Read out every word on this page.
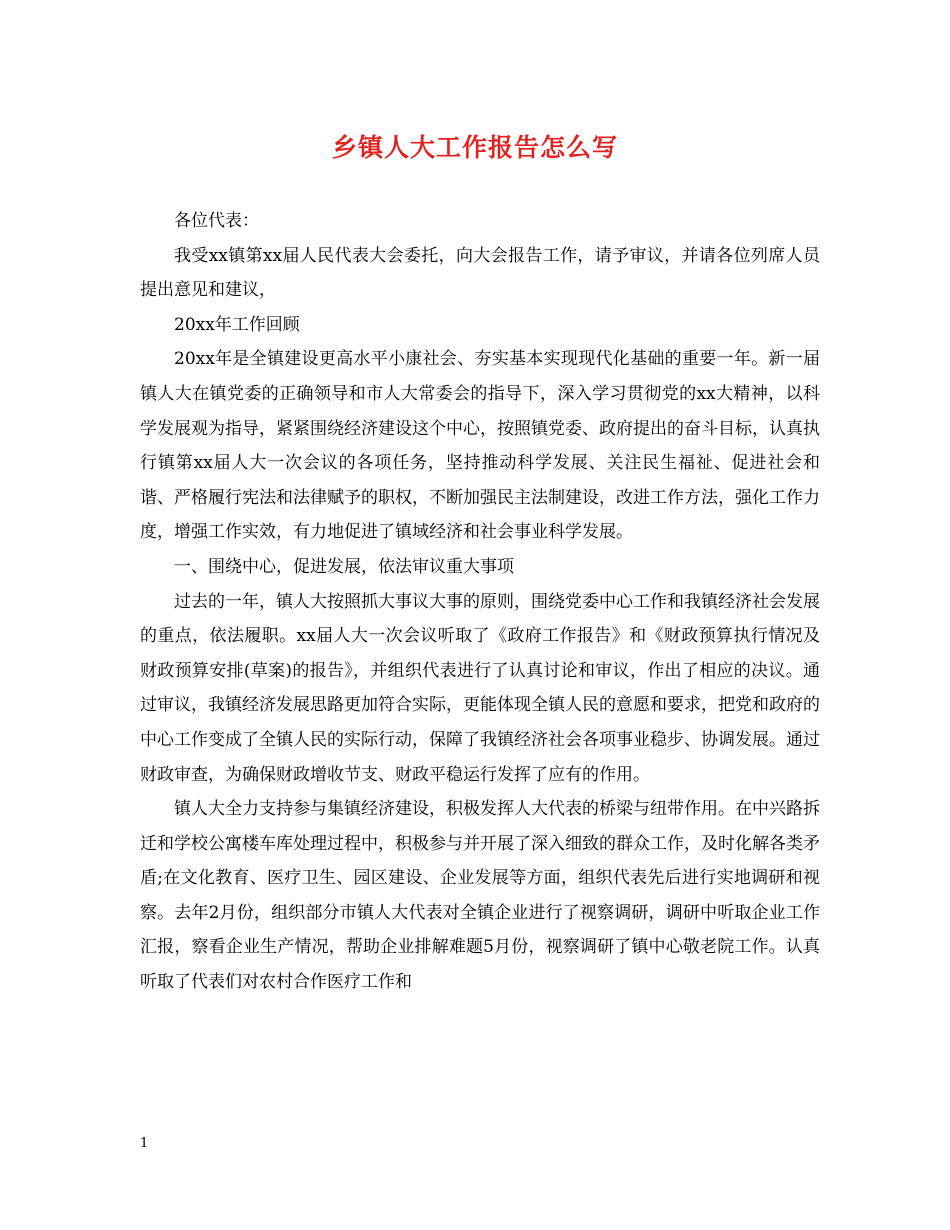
乡镇人大工作报告怎么写

各位代表：

我受xx镇第xx届人民代表大会委托，向大会报告工作，请予审议，并请各位列席人员提出意见和建议，

20xx年工作回顾

20xx年是全镇建设更高水平小康社会、夯实基本实现现代化基础的重要一年。新一届镇人大在镇党委的正确领导和市人大常委会的指导下，深入学习贯彻党的xx大精神，以科学发展观为指导，紧紧围绕经济建设这个中心，按照镇党委、政府提出的奋斗目标，认真执行镇第xx届人大一次会议的各项任务，坚持推动科学发展、关注民生福祉、促进社会和谐、严格履行宪法和法律赋予的职权，不断加强民主法制建设，改进工作方法，强化工作力度，增强工作实效，有力地促进了镇域经济和社会事业科学发展。

一、围绕中心，促进发展，依法审议重大事项

过去的一年，镇人大按照抓大事议大事的原则，围绕党委中心工作和我镇经济社会发展的重点，依法履职。xx届人大一次会议听取了《政府工作报告》和《财政预算执行情况及财政预算安排(草案)的报告》，并组织代表进行了认真讨论和审议，作出了相应的决议。通过审议，我镇经济发展思路更加符合实际，更能体现全镇人民的意愿和要求，把党和政府的中心工作变成了全镇人民的实际行动，保障了我镇经济社会各项事业稳步、协调发展。通过财政审查，为确保财政增收节支、财政平稳运行发挥了应有的作用。

镇人大全力支持参与集镇经济建设，积极发挥人大代表的桥梁与纽带作用。在中兴路拆迁和学校公寓楼车库处理过程中，积极参与并开展了深入细致的群众工作，及时化解各类矛盾;在文化教育、医疗卫生、园区建设、企业发展等方面，组织代表先后进行实地调研和视察。去年2月份，组织部分市镇人大代表对全镇企业进行了视察调研，调研中听取企业工作汇报，察看企业生产情况，帮助企业排解难题5月份，视察调研了镇中心敬老院工作。认真听取了代表们对农村合作医疗工作和

1
